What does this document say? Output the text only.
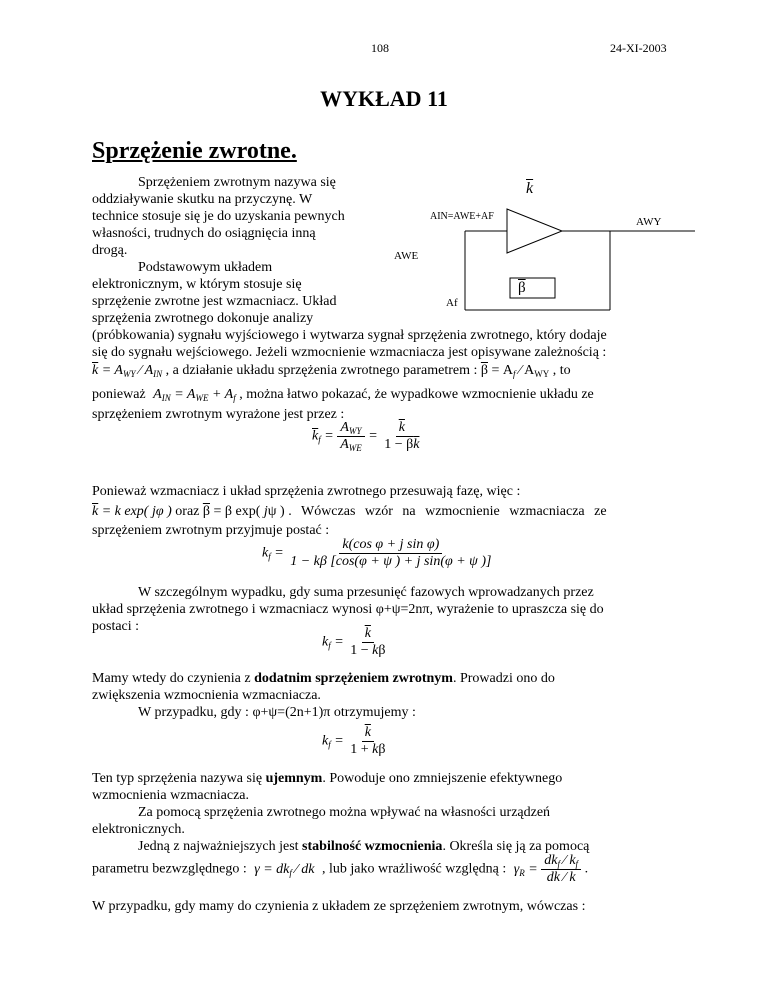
108	24-XI-2003
WYKŁAD 11
Sprzężenie zwrotne.
$\overline{k}$
AIN=AWE+AF	AWY
AWE
$\overline{\beta}$
Af
Sprzężeniem zwrotnym nazywa się
oddziaływanie skutku na przyczynę. W
technice stosuje się je do uzyskania pewnych
własności, trudnych do osiągnięcia inną
drogą.
Podstawowym układem
elektronicznym, w którym stosuje się
sprzężenie zwrotne jest wzmacniacz. Układ
sprzężenia zwrotnego dokonuje analizy
(próbkowania) sygnału wyjściowego i wytwarza sygnał sprzężenia zwrotnego, który dodaje
się do sygnału wejściowego. Jeżeli wzmocnienie wzmacniacza jest opisywane zależnością :
$\overline{k} = A_{WY}$ ⁄ $A_{IN}$ , a działanie układu sprzężenia zwrotnego parametrem : $\overline{\beta} = A_f$ ⁄ $A_{WY}$ , to
ponieważ $A_{IN} = A_{WE} + A_f$ , można łatwo pokazać, że wypadkowe wzmocnienie układu ze
sprzężeniem zwrotnym wyrażone jest przez :
$\overline{k}_f = \frac{A_{WY}}{A_{WE}} = \frac{\overline{k}}{1 - \overline{\beta}\overline{k}}$
Ponieważ wzmacniacz i układ sprzężenia zwrotnego przesuwają fazę, więc :
$\overline{k} = k$ exp( jφ ) oraz $\overline{\beta} = \beta$ exp( jψ ) . Wówczas wzór na wzmocnienie wzmacniacza ze
sprzężeniem zwrotnym przyjmuje postać :
$k_f = \frac{\text{k(cos φ + j sin φ)}}{\text{1 − kβ [cos(φ + ψ ) + j sin(φ + ψ )]}}$
W szczególnym wypadku, gdy suma przesunięć fazowych wprowadzanych przez
układ sprzężenia zwrotnego i wzmacniacz wynosi φ+ψ=2nπ, wyrażenie to upraszcza się do
postaci :
$k_f = \frac{\overline{k}}{1 - k\beta}$
Mamy wtedy do czynienia z dodatnim sprzężeniem zwrotnym. Prowadzi ono do
zwiększenia wzmocnienia wzmacniacza.
W przypadku, gdy : φ+ψ=(2n+1)π otrzymujemy :
$k_f = \frac{\overline{k}}{1 + k\beta}$
Ten typ sprzężenia nazywa się ujemnym. Powoduje ono zmniejszenie efektywnego
wzmocnienia wzmacniacza.
Za pomocą sprzężenia zwrotnego można wpływać na własności urządzeń
elektronicznych.
Jedną z najważniejszych jest stabilność wzmocnienia. Określa się ją za pomocą
parametru bezwzględnego : $\gamma = dk_f$ ⁄ dk , lub jako wrażliwość względną : $\gamma_R = \frac{dk_f ⁄ k_f}{dk ⁄ k}$ .
W przypadku, gdy mamy do czynienia z układem ze sprzężeniem zwrotnym, wówczas :
